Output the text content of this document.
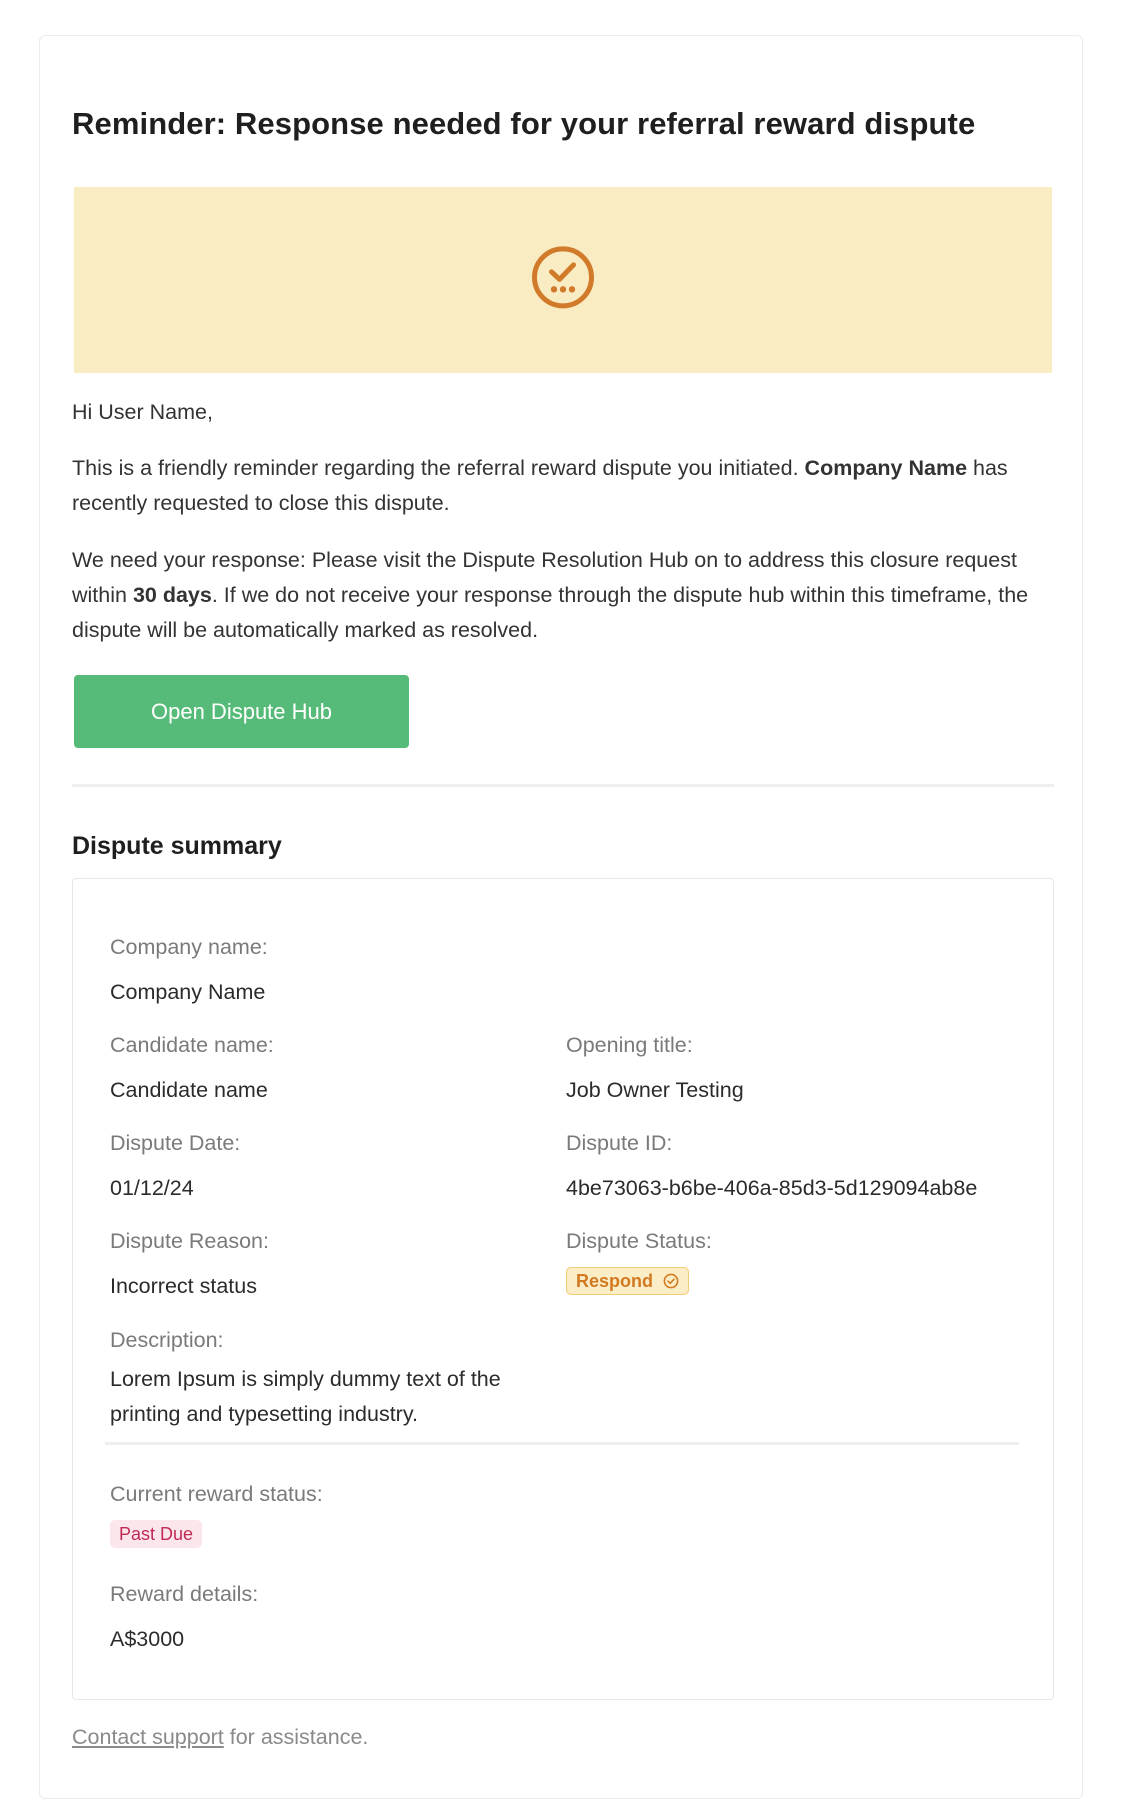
Reminder: Response needed for your referral reward dispute

Hi User Name,

This is a friendly reminder regarding the referral reward dispute you initiated. Company Name has recently requested to close this dispute.

We need your response: Please visit the Dispute Resolution Hub on to address this closure request within 30 days. If we do not receive your response through the dispute hub within this timeframe, the dispute will be automatically marked as resolved.

Open Dispute Hub
Dispute summary
Company name:
Company Name
Candidate name:
Candidate name
Opening title:
Job Owner Testing
Dispute Date:
01/12/24
Dispute ID:
4be73063-b6be-406a-85d3-5d129094ab8e
Dispute Reason:
Incorrect status
Dispute Status:
Respond
Description:
Lorem Ipsum is simply dummy text of the printing and typesetting industry.
Current reward status:
Past Due
Reward details:
A$3000

Contact support for assistance.
